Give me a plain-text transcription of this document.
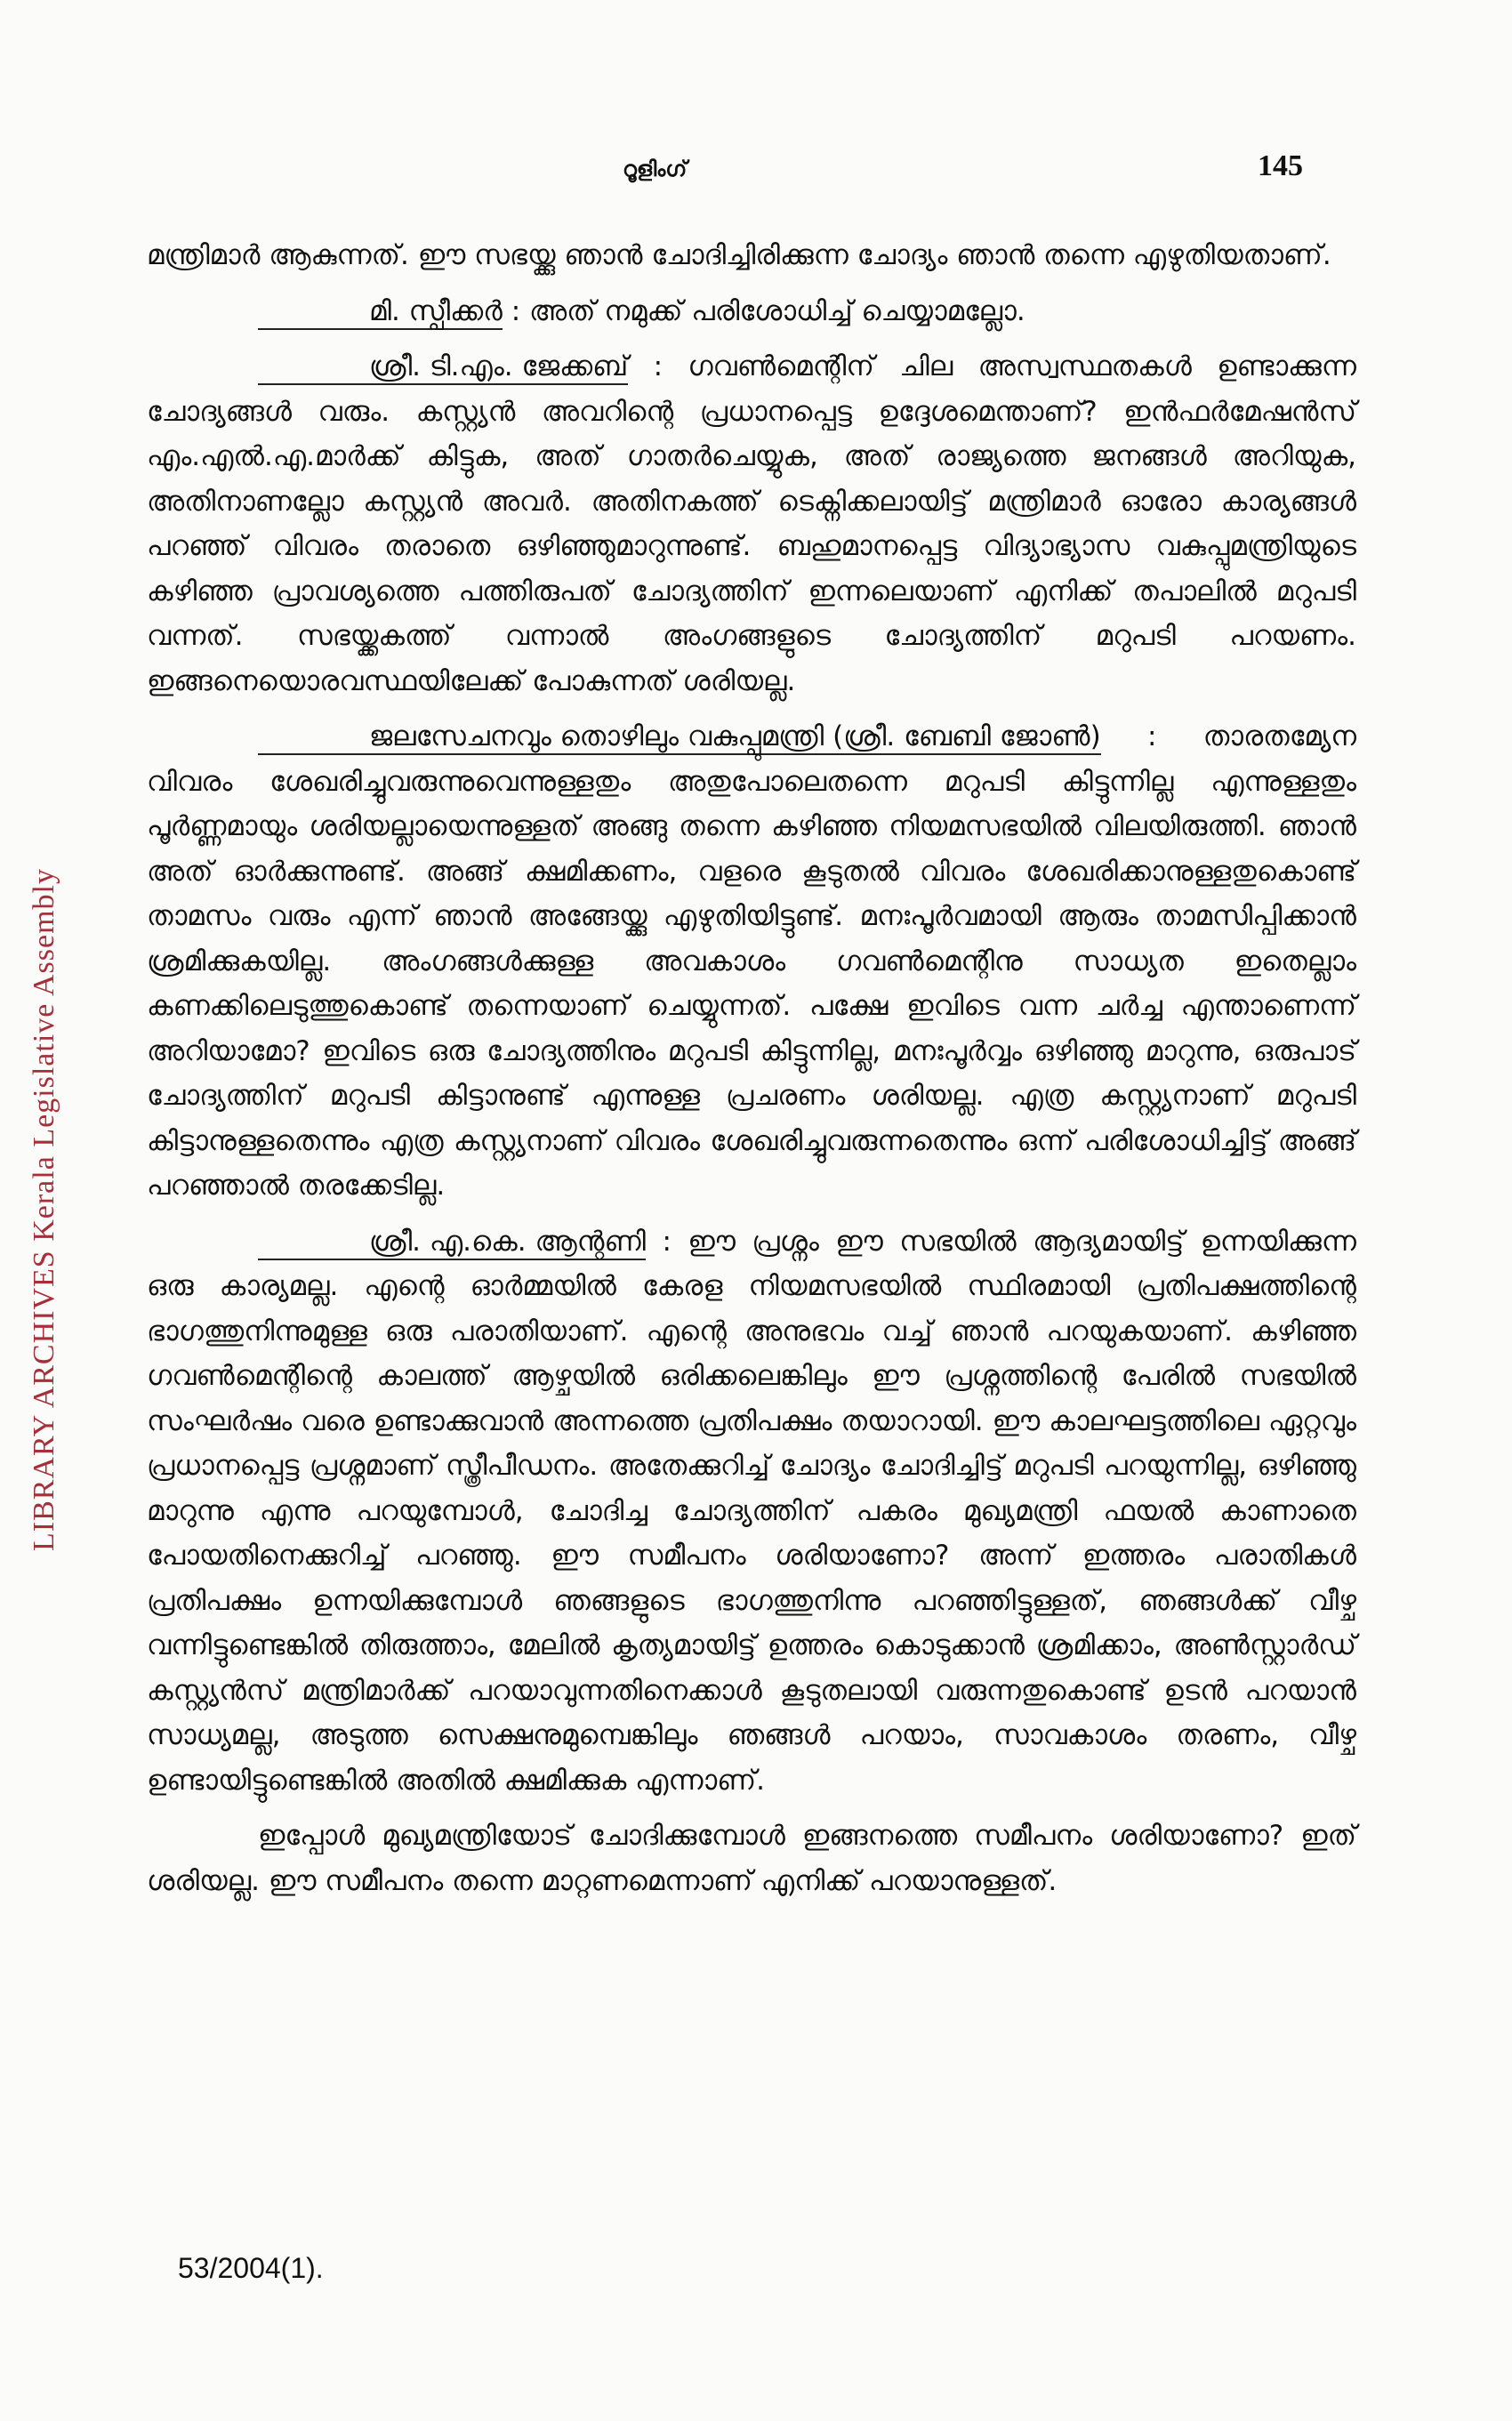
LIBRARY ARCHIVES Kerala Legislative Assembly
റൂളിംഗ്	145

മന്ത്രിമാർ ആകുന്നത്. ഈ സഭയ്ക്കു ഞാൻ ചോദിച്ചിരിക്കുന്ന ചോദ്യം ഞാൻ തന്നെ എഴുതിയതാണ്.

മി. സ്പീക്കർ : അത് നമുക്ക് പരിശോധിച്ച് ചെയ്യാമല്ലോ.

ശ്രീ. ടി.എം. ജേക്കബ് : ഗവൺമെന്റിന് ചില അസ്വസ്ഥതകൾ ഉണ്ടാക്കുന്ന ചോദ്യങ്ങൾ വരും. കസ്റ്റ്യൻ അവറിന്റെ പ്രധാനപ്പെട്ട ഉദ്ദേശമെന്താണ്? ഇൻഫർമേഷൻസ് എം.എൽ.എ.മാർക്ക് കിട്ടുക, അത് ഗാതർചെയ്യുക, അത് രാജ്യത്തെ ജനങ്ങൾ അറിയുക, അതിനാണല്ലോ കസ്റ്റ്യൻ അവർ. അതിനകത്ത് ടെക്നിക്കലായിട്ട് മന്ത്രിമാർ ഓരോ കാര്യങ്ങൾ പറഞ്ഞ് വിവരം തരാതെ ഒഴിഞ്ഞുമാറുന്നുണ്ട്. ബഹുമാനപ്പെട്ട വിദ്യാഭ്യാസ വകുപ്പുമന്ത്രിയുടെ കഴിഞ്ഞ പ്രാവശ്യത്തെ പത്തിരുപത് ചോദ്യത്തിന് ഇന്നലെയാണ് എനിക്ക് തപാലിൽ മറുപടി വന്നത്. സഭയ്ക്കകത്ത് വന്നാൽ അംഗങ്ങളുടെ ചോദ്യത്തിന് മറുപടി പറയണം. ഇങ്ങനെയൊരവസ്ഥയിലേക്ക് പോകുന്നത് ശരിയല്ല.

ജലസേചനവും തൊഴിലും വകുപ്പുമന്ത്രി (ശ്രീ. ബേബി ജോൺ) : താരതമ്യേന വിവരം ശേഖരിച്ചുവരുന്നുവെന്നുള്ളതും അതുപോലെതന്നെ മറുപടി കിട്ടുന്നില്ല എന്നുള്ളതും പൂർണ്ണമായും ശരിയല്ലായെന്നുള്ളത് അങ്ങു തന്നെ കഴിഞ്ഞ നിയമസഭയിൽ വിലയിരുത്തി. ഞാൻ അത് ഓർക്കുന്നുണ്ട്. അങ്ങ് ക്ഷമിക്കണം, വളരെ കൂടുതൽ വിവരം ശേഖരിക്കാനുള്ളതുകൊണ്ട് താമസം വരും എന്ന് ഞാൻ അങ്ങേയ്ക്കു എഴുതിയിട്ടുണ്ട്. മനഃപൂർവമായി ആരും താമസിപ്പിക്കാൻ ശ്രമിക്കുകയില്ല. അംഗങ്ങൾക്കുള്ള അവകാശം ഗവൺമെന്റിനു സാധ്യത ഇതെല്ലാം കണക്കിലെടുത്തുകൊണ്ട് തന്നെയാണ് ചെയ്യുന്നത്. പക്ഷേ ഇവിടെ വന്ന ചർച്ച എന്താണെന്ന് അറിയാമോ? ഇവിടെ ഒരു ചോദ്യത്തിനും മറുപടി കിട്ടുന്നില്ല, മനഃപൂർവ്വം ഒഴിഞ്ഞു മാറുന്നു, ഒരുപാട് ചോദ്യത്തിന് മറുപടി കിട്ടാനുണ്ട് എന്നുള്ള പ്രചരണം ശരിയല്ല. എത്ര കസ്റ്റ്യനാണ് മറുപടി കിട്ടാനുള്ളതെന്നും എത്ര കസ്റ്റ്യനാണ് വിവരം ശേഖരിച്ചുവരുന്നതെന്നും ഒന്ന് പരിശോധിച്ചിട്ട് അങ്ങ് പറഞ്ഞാൽ തരക്കേടില്ല.

ശ്രീ. എ.കെ. ആന്റണി : ഈ പ്രശ്നം ഈ സഭയിൽ ആദ്യമായിട്ട് ഉന്നയിക്കുന്ന ഒരു കാര്യമല്ല. എന്റെ ഓർമ്മയിൽ കേരള നിയമസഭയിൽ സ്ഥിരമായി പ്രതിപക്ഷത്തിന്റെ ഭാഗത്തുനിന്നുമുള്ള ഒരു പരാതിയാണ്. എന്റെ അനുഭവം വച്ച് ഞാൻ പറയുകയാണ്. കഴിഞ്ഞ ഗവൺമെന്റിന്റെ കാലത്ത് ആഴ്ചയിൽ ഒരിക്കലെങ്കിലും ഈ പ്രശ്നത്തിന്റെ പേരിൽ സഭയിൽ സംഘർഷം വരെ ഉണ്ടാക്കുവാൻ അന്നത്തെ പ്രതിപക്ഷം തയാറായി. ഈ കാലഘട്ടത്തിലെ ഏറ്റവും പ്രധാനപ്പെട്ട പ്രശ്നമാണ് സ്ത്രീപീഡനം. അതേക്കുറിച്ച് ചോദ്യം ചോദിച്ചിട്ട് മറുപടി പറയുന്നില്ല, ഒഴിഞ്ഞു മാറുന്നു എന്നു പറയുമ്പോൾ, ചോദിച്ച ചോദ്യത്തിന് പകരം മുഖ്യമന്ത്രി ഫയൽ കാണാതെ പോയതിനെക്കുറിച്ച് പറഞ്ഞു. ഈ സമീപനം ശരിയാണോ? അന്ന് ഇത്തരം പരാതികൾ പ്രതിപക്ഷം ഉന്നയിക്കുമ്പോൾ ഞങ്ങളുടെ ഭാഗത്തുനിന്നു പറഞ്ഞിട്ടുള്ളത്, ഞങ്ങൾക്ക് വീഴ്ച വന്നിട്ടുണ്ടെങ്കിൽ തിരുത്താം, മേലിൽ കൃത്യമായിട്ട് ഉത്തരം കൊടുക്കാൻ ശ്രമിക്കാം, അൺസ്റ്റാർഡ് കസ്റ്റ്യൻസ് മന്ത്രിമാർക്ക് പറയാവുന്നതിനെക്കാൾ കൂടുതലായി വരുന്നതുകൊണ്ട് ഉടൻ പറയാൻ സാധ്യമല്ല, അടുത്ത സെക്ഷനുമുമ്പെങ്കിലും ഞങ്ങൾ പറയാം, സാവകാശം തരണം, വീഴ്ച ഉണ്ടായിട്ടുണ്ടെങ്കിൽ അതിൽ ക്ഷമിക്കുക എന്നാണ്.

ഇപ്പോൾ മുഖ്യമന്ത്രിയോട് ചോദിക്കുമ്പോൾ ഇങ്ങനത്തെ സമീപനം ശരിയാണോ? ഇത് ശരിയല്ല. ഈ സമീപനം തന്നെ മാറ്റണമെന്നാണ് എനിക്ക് പറയാനുള്ളത്.

53/2004(1).
